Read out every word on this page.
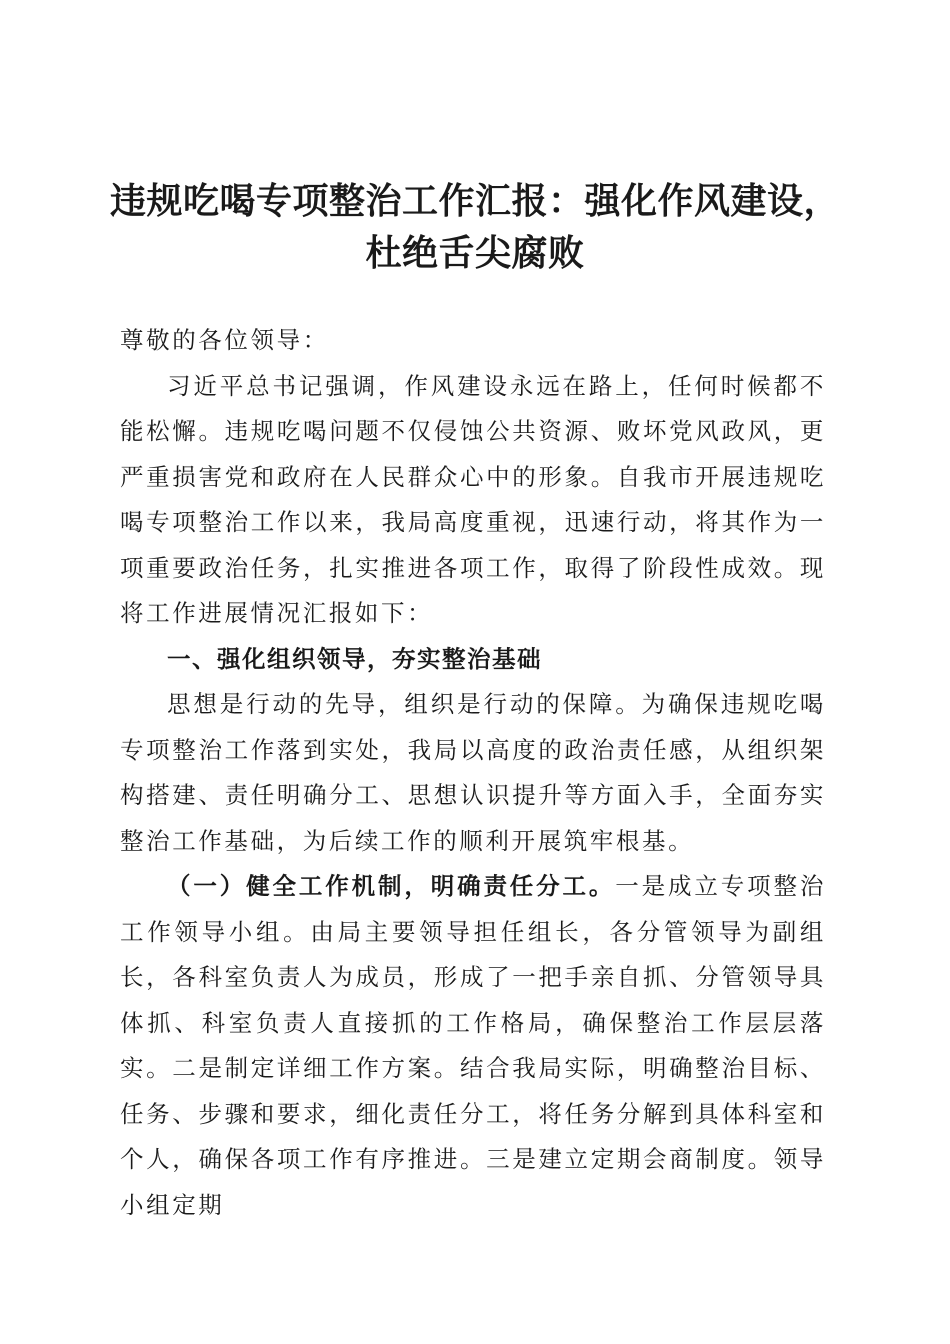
违规吃喝专项整治工作汇报：强化作风建设，
杜绝舌尖腐败

尊敬的各位领导：

习近平总书记强调，作风建设永远在路上，任何时候都不能松懈。违规吃喝问题不仅侵蚀公共资源、败坏党风政风，更严重损害党和政府在人民群众心中的形象。自我市开展违规吃喝专项整治工作以来，我局高度重视，迅速行动，将其作为一项重要政治任务，扎实推进各项工作，取得了阶段性成效。现将工作进展情况汇报如下：

一、强化组织领导，夯实整治基础

思想是行动的先导，组织是行动的保障。为确保违规吃喝专项整治工作落到实处，我局以高度的政治责任感，从组织架构搭建、责任明确分工、思想认识提升等方面入手，全面夯实整治工作基础，为后续工作的顺利开展筑牢根基。

（一）健全工作机制，明确责任分工。一是成立专项整治工作领导小组。由局主要领导担任组长，各分管领导为副组长，各科室负责人为成员，形成了一把手亲自抓、分管领导具体抓、科室负责人直接抓的工作格局，确保整治工作层层落实。二是制定详细工作方案。结合我局实际，明确整治目标、任务、步骤和要求，细化责任分工，将任务分解到具体科室和个人，确保各项工作有序推进。三是建立定期会商制度。领导小组定期
